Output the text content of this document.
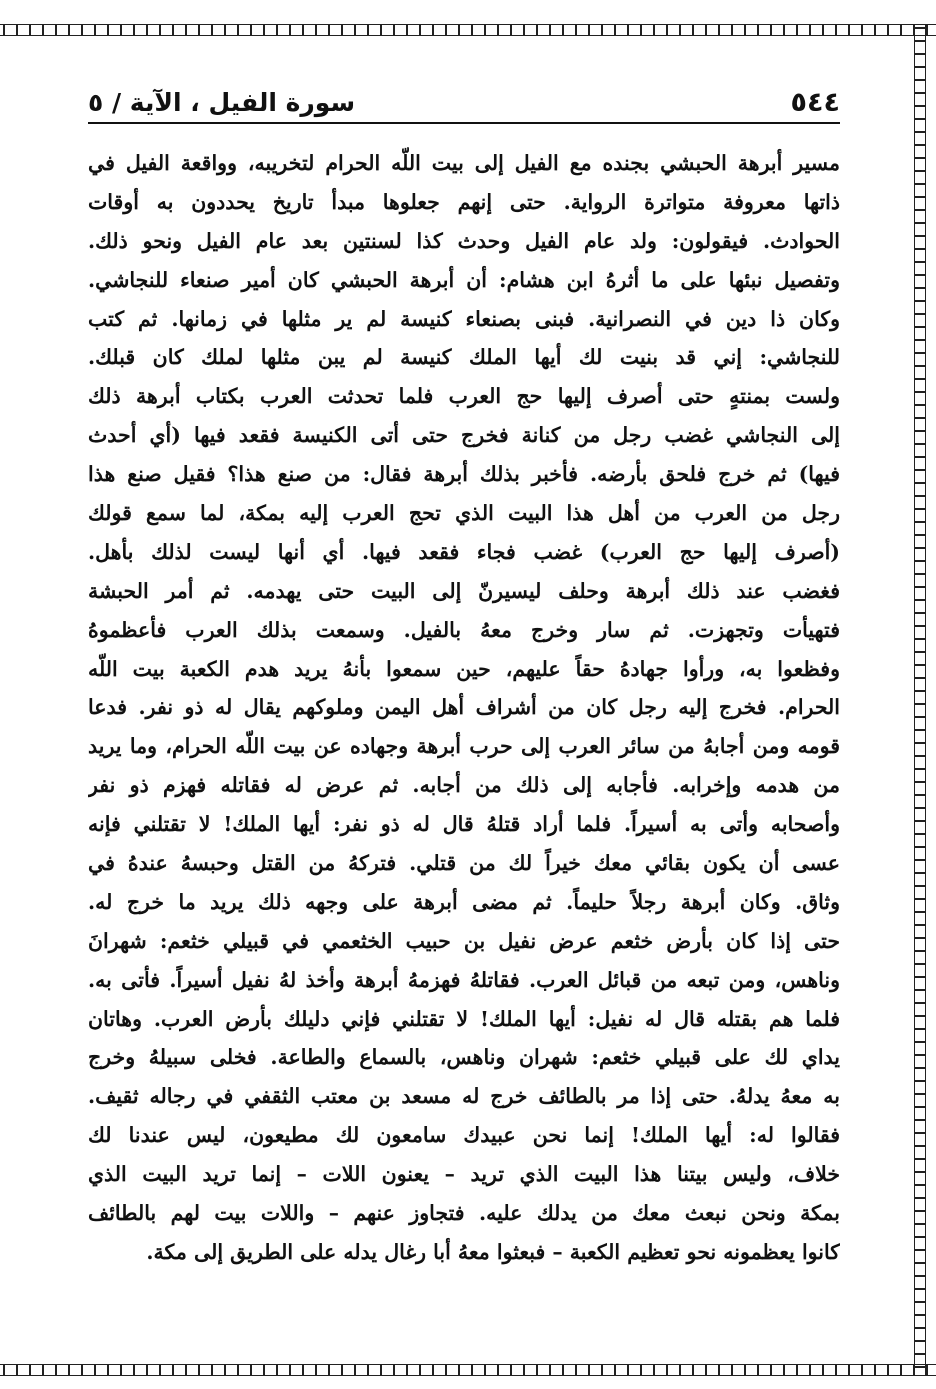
٥٤٤
سورة الفيل ، الآية / ٥
مسير أبرهة الحبشي بجنده مع الفيل إلى بيت اللّه الحرام لتخريبه، وواقعة الفيل في
ذاتها معروفة متواترة الرواية. حتى إنهم جعلوها مبدأ تاريخ يحددون به أوقات
الحوادث. فيقولون: ولد عام الفيل وحدث كذا لسنتين بعد عام الفيل ونحو ذلك.
وتفصيل نبئها على ما أثرهُ ابن هشام: أن أبرهة الحبشي كان أمير صنعاء للنجاشي.
وكان ذا دين في النصرانية. فبنى بصنعاء كنيسة لم ير مثلها في زمانها. ثم كتب
للنجاشي: إني قد بنيت لك أيها الملك كنيسة لم يبن مثلها لملك كان قبلك.
ولست بمنتهٍ حتى أصرف إليها حج العرب فلما تحدثت العرب بكتاب أبرهة ذلك
إلى النجاشي غضب رجل من كنانة فخرج حتى أتى الكنيسة فقعد فيها (أي أحدث
فيها) ثم خرج فلحق بأرضه. فأخبر بذلك أبرهة فقال: من صنع هذا؟ فقيل صنع هذا
رجل من العرب من أهل هذا البيت الذي تحج العرب إليه بمكة، لما سمع قولك
(أصرف إليها حج العرب) غضب فجاء فقعد فيها. أي أنها ليست لذلك بأهل.
فغضب عند ذلك أبرهة وحلف ليسيرنّ إلى البيت حتى يهدمه. ثم أمر الحبشة
فتهيأت وتجهزت. ثم سار وخرج معهُ بالفيل. وسمعت بذلك العرب فأعظموهُ
وفظعوا به، ورأوا جهادهُ حقاً عليهم، حين سمعوا بأنهُ يريد هدم الكعبة بيت اللّه
الحرام. فخرج إليه رجل كان من أشراف أهل اليمن وملوكهم يقال له ذو نفر. فدعا
قومه ومن أجابهُ من سائر العرب إلى حرب أبرهة وجهاده عن بيت اللّه الحرام، وما يريد
من هدمه وإخرابه. فأجابه إلى ذلك من أجابه. ثم عرض له فقاتله فهزم ذو نفر
وأصحابه وأتى به أسيراً. فلما أراد قتلهُ قال له ذو نفر: أيها الملك! لا تقتلني فإنه
عسى أن يكون بقائي معك خيراً لك من قتلي. فتركهُ من القتل وحبسهُ عندهُ في
وثاق. وكان أبرهة رجلاً حليماً. ثم مضى أبرهة على وجهه ذلك يريد ما خرج له.
حتى إذا كان بأرض خثعم عرض نفيل بن حبيب الخثعمي في قبيلي خثعم: شهرانَ
وناهس، ومن تبعه من قبائل العرب. فقاتلهُ فهزمهُ أبرهة وأخذ لهُ نفيل أسيراً. فأتى به.
فلما هم بقتله قال له نفيل: أيها الملك! لا تقتلني فإني دليلك بأرض العرب. وهاتان
يداي لك على قبيلي خثعم: شهران وناهس، بالسماع والطاعة. فخلى سبيلهُ وخرج
به معهُ يدلهُ. حتى إذا مر بالطائف خرج له مسعد بن معتب الثقفي في رجاله ثقيف.
فقالوا له: أيها الملك! إنما نحن عبيدك سامعون لك مطيعون، ليس عندنا لك
خلاف، وليس بيتنا هذا البيت الذي تريد – يعنون اللات – إنما تريد البيت الذي
بمكة ونحن نبعث معك من يدلك عليه. فتجاوز عنهم – واللات بيت لهم بالطائف
كانوا يعظمونه نحو تعظيم الكعبة – فبعثوا معهُ أبا رغال يدله على الطريق إلى مكة.
